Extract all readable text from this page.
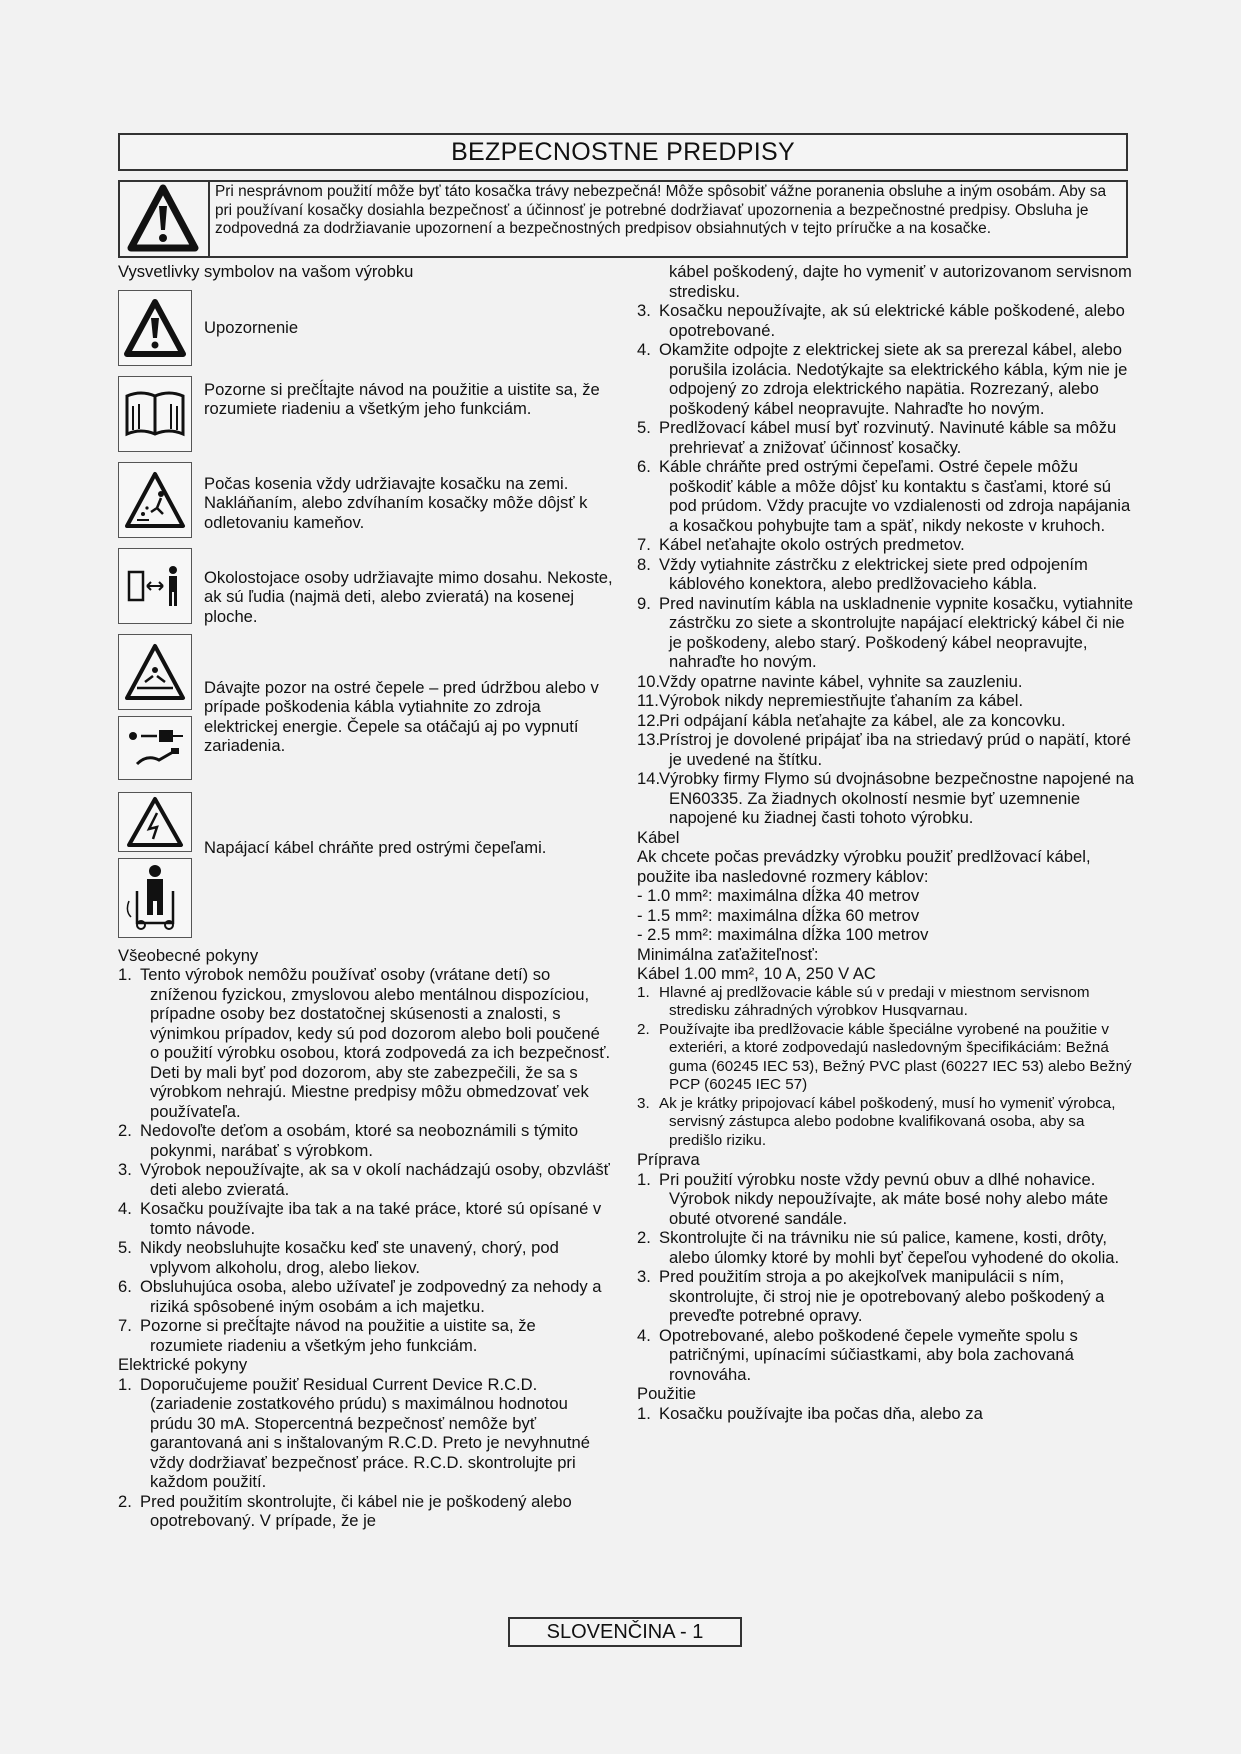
BEZPECNOSTNE PREDPISY
Pri nesprávnom použití môže byť táto kosačka trávy nebezpečná! Môže spôsobiť vážne poranenia obsluhe a iným osobám. Aby sa pri používaní kosačky dosiahla bezpečnosť a účinnosť je potrebné dodržiavať upozornenia a bezpečnostné predpisy. Obsluha je zodpovedná za dodržiavanie upozornení a bezpečnostných predpisov obsiahnutých v tejto príručke a na kosačke.
Vysvetlivky symbolov na vašom výrobku
Upozornenie
Pozorne si prečĺtajte návod na použitie a uistite sa, že rozumiete riadeniu a všetkým jeho funkciám.
Počas kosenia vždy udržiavajte kosačku na zemi. Nakláňaním, alebo zdvíhaním kosačky môže dôjsť k odletovaniu kameňov.
Okolostojace osoby udržiavajte mimo dosahu. Nekoste, ak sú ľudia (najmä deti, alebo zvieratá) na kosenej ploche.
Dávajte pozor na ostré čepele – pred údržbou alebo v prípade poškodenia kábla vytiahnite zo zdroja elektrickej energie. Čepele sa otáčajú aj po vypnutí zariadenia.
Napájací kábel chráňte pred ostrými čepeľami.
Všeobecné pokyny
1. Tento výrobok nemôžu používať osoby (vrátane detí) so zníženou fyzickou, zmyslovou alebo mentálnou dispozíciou, prípadne osoby bez dostatočnej skúsenosti a znalosti, s výnimkou prípadov, kedy sú pod dozorom alebo boli poučené o použití výrobku osobou, ktorá zodpovedá za ich bezpečnosť. Deti by mali byť pod dozorom, aby ste zabezpečili, že sa s výrobkom nehrajú. Miestne predpisy môžu obmedzovať vek používateľa.
2. Nedovoľte deťom a osobám, ktoré sa neoboznámili s týmito pokynmi, narábať s výrobkom.
3. Výrobok nepoužívajte, ak sa v okolí nachádzajú osoby, obzvlášť deti alebo zvieratá.
4. Kosačku používajte iba tak a na také práce, ktoré sú opísané v tomto návode.
5. Nikdy neobsluhujte kosačku keď ste unavený, chorý, pod vplyvom alkoholu, drog, alebo liekov.
6. Obsluhujúca osoba, alebo užívateľ je zodpovedný za nehody a riziká spôsobené iným osobám a ich majetku.
7. Pozorne si prečĺtajte návod na použitie a uistite sa, že rozumiete riadeniu a všetkým jeho funkciám.
Elektrické pokyny
1. Doporučujeme použiť Residual Current Device R.C.D. (zariadenie zostatkového prúdu) s maximálnou hodnotou prúdu 30 mA. Stopercentná bezpečnosť nemôže byť garantovaná ani s inštalovaným R.C.D. Preto je nevyhnutné vždy dodržiavať bezpečnosť práce. R.C.D. skontrolujte pri každom použití.
2. Pred použitím skontrolujte, či kábel nie je poškodený alebo opotrebovaný. V prípade, že je
kábel poškodený, dajte ho vymeniť v autorizovanom servisnom stredisku.
3. Kosačku nepoužívajte, ak sú elektrické káble poškodené, alebo opotrebované.
4. Okamžite odpojte z elektrickej siete ak sa prerezal kábel, alebo porušila izolácia. Nedotýkajte sa elektrického kábla, kým nie je odpojený zo zdroja elektrického napätia. Rozrezaný, alebo poškodený kábel neopravujte. Nahraďte ho novým.
5. Predlžovací kábel musí byť rozvinutý. Navinuté káble sa môžu prehrievať a znižovať účinnosť kosačky.
6. Káble chráňte pred ostrými čepeľami. Ostré čepele môžu poškodiť káble a môže dôjsť ku kontaktu s časťami, ktoré sú pod prúdom. Vždy pracujte vo vzdialenosti od zdroja napájania a kosačkou pohybujte tam a späť, nikdy nekoste v kruhoch.
7. Kábel neťahajte okolo ostrých predmetov.
8. Vždy vytiahnite zástrčku z elektrickej siete pred odpojením káblového konektora, alebo predlžovacieho kábla.
9. Pred navinutím kábla na uskladnenie vypnite kosačku, vytiahnite zástrčku zo siete a skontrolujte napájací elektrický kábel či nie je poškodeny, alebo starý. Poškodený kábel neopravujte, nahraďte ho novým.
10.
Vždy opatrne navinte kábel, vyhnite sa zauzleniu.
11. Výrobok nikdy nepremiestňujte ťahaním za kábel.
12.
Pri odpájaní kábla neťahajte za kábel, ale za koncovku.
13.
Prístroj je dovolené pripájať iba na striedavý prúd o napätí, ktoré je uvedené na štítku.
14.
Výrobky firmy Flymo sú dvojnásobne bezpečnostne napojené na EN60335. Za žiadnych okolností nesmie byť uzemnenie napojené ku žiadnej časti tohoto výrobku.
Kábel
Ak chcete počas prevádzky výrobku použiť predlžovací kábel, použite iba nasledovné rozmery káblov:
- 1.0 mm²: maximálna dĺžka 40 metrov
- 1.5 mm²: maximálna dĺžka 60 metrov
- 2.5 mm²: maximálna dĺžka 100 metrov
Minimálna zaťažiteľnosť:
Kábel 1.00 mm², 10 A, 250 V AC
1. Hlavné aj predlžovacie káble sú v predaji v miestnom servisnom stredisku záhradných výrobkov Husqvarnau.
2. Používajte iba predlžovacie káble špeciálne vyrobené na použitie v exteriéri, a ktoré zodpovedajú nasledovným špecifikáciám: Bežná guma (60245 IEC 53), Bežný PVC plast (60227 IEC 53) alebo Bežný PCP (60245 IEC 57)
3. Ak je krátky pripojovací kábel poškodený, musí ho vymeniť výrobca, servisný zástupca alebo podobne kvalifikovaná osoba, aby sa predišlo riziku.
Príprava
1. Pri použití výrobku noste vždy pevnú obuv a dlhé nohavice. Výrobok nikdy nepoužívajte, ak máte bosé nohy alebo máte obuté otvorené sandále.
2. Skontrolujte či na trávniku nie sú palice, kamene, kosti, drôty, alebo úlomky ktoré by mohli byť čepeľou vyhodené do okolia.
3. Pred použitím stroja a po akejkoľvek manipulácii s ním, skontrolujte, či stroj nie je opotrebovaný alebo poškodený a preveďte potrebné opravy.
4. Opotrebované, alebo poškodené čepele vymeňte spolu s patričnými, upínacími súčiastkami, aby bola zachovaná rovnováha.
Použitie
1. Kosačku používajte iba počas dňa, alebo za
SLOVENČINA - 1
